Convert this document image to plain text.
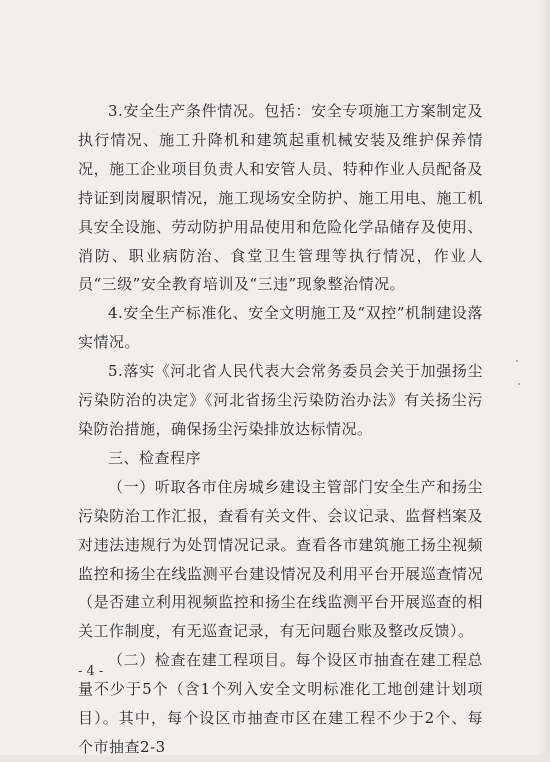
3.安全生产条件情况。包括：安全专项施工方案制定及执行情况、施工升降机和建筑起重机械安装及维护保养情况，施工企业项目负责人和安管人员、特种作业人员配备及持证到岗履职情况，施工现场安全防护、施工用电、施工机具安全设施、劳动防护用品使用和危险化学品储存及使用、消防、职业病防治、食堂卫生管理等执行情况，作业人员“三级”安全教育培训及“三违”现象整治情况。

4.安全生产标准化、安全文明施工及“双控”机制建设落实情况。

5.落实《河北省人民代表大会常务委员会关于加强扬尘污染防治的决定》《河北省扬尘污染防治办法》有关扬尘污染防治措施，确保扬尘污染排放达标情况。

三、检查程序

（一）听取各市住房城乡建设主管部门安全生产和扬尘污染防治工作汇报，查看有关文件、会议记录、监督档案及对违法违规行为处罚情况记录。查看各市建筑施工扬尘视频监控和扬尘在线监测平台建设情况及利用平台开展巡查情况（是否建立利用视频监控和扬尘在线监测平台开展巡查的相关工作制度，有无巡查记录，有无问题台账及整改反馈）。

（二）检查在建工程项目。每个设区市抽查在建工程总量不少于5个（含1个列入安全文明标准化工地创建计划项目）。其中，每个设区市抽查市区在建工程不少于2个、每个市抽查2-3

- 4 -
